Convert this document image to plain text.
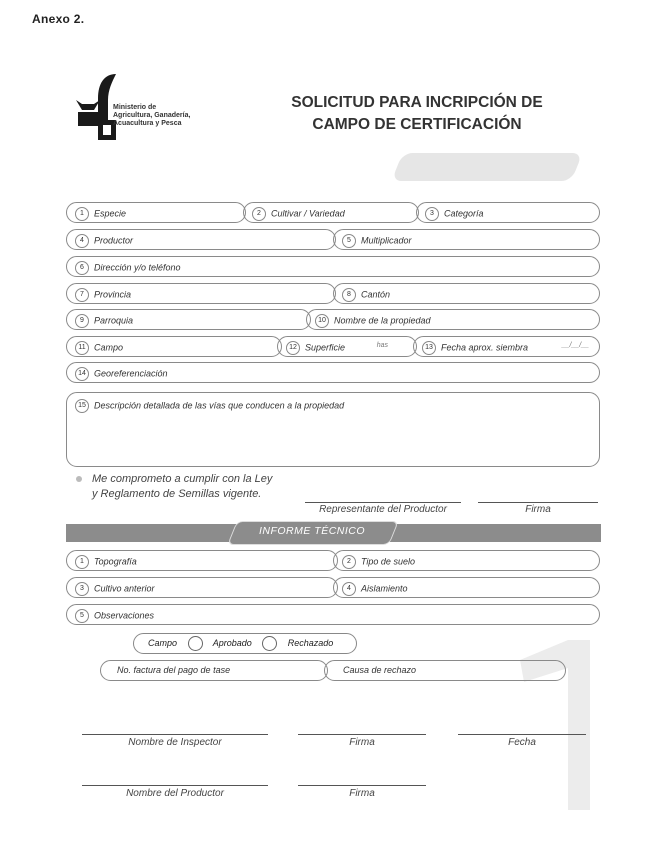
Anexo 2.
Ministerio de
Agricultura, Ganadería,
Acuacultura y Pesca
SOLICITUD PARA INCRIPCIÓN DE
CAMPO DE CERTIFICACIÓN
1 Especie	2 Cultivar / Variedad	3 Categoría
4 Productor	5 Multiplicador
6 Dirección y/o teléfono
7 Provincia	8 Cantón
9 Parroquia	10 Nombre de la propiedad
11 Campo	12 Superficie	has	13 Fecha aprox. siembra	__/__/__
14 Georeferenciación
15 Descripción detallada de las vías que conducen a la propiedad
Me comprometo a cumplir con la Ley
y Reglamento de Semillas vigente.
Representante del Productor	Firma
INFORME TÉCNICO
1 Topografía	2 Tipo de suelo
3 Cultivo anterior	4 Aislamiento
5 Observaciones
Campo	Aprobado	Rechazado
No. factura del pago de tase	Causa de rechazo
Nombre de Inspector	Firma	Fecha
Nombre del Productor	Firma
